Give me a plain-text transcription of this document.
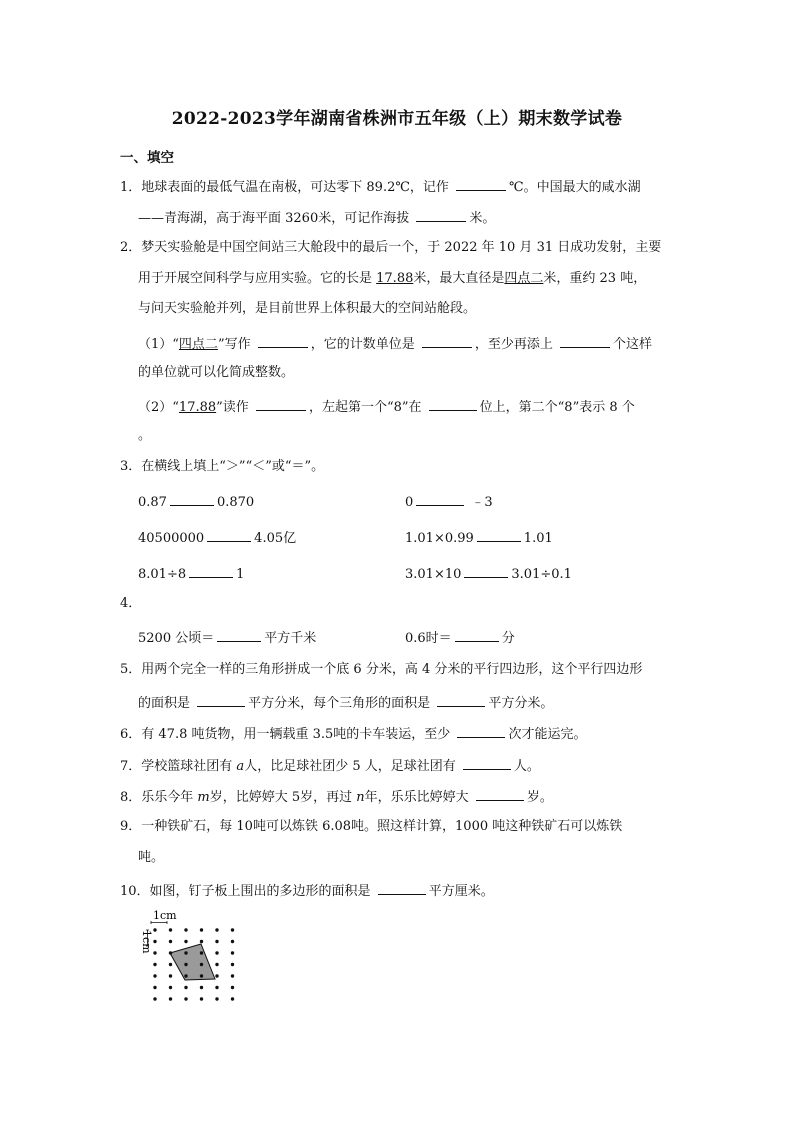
2022-2023学年湖南省株洲市五年级（上）期末数学试卷
一、填空
1．地球表面的最低气温在南极，可达零下 89.2℃，记作	℃。中国最大的咸水湖
——青海湖，高于海平面 3260米，可记作海拔	米。
2．梦天实验舱是中国空间站三大舱段中的最后一个，于 2022 年 10 月 31 日成功发射，主要
用于开展空间科学与应用实验。它的长是 17.88米，最大直径是四点二米，重约 23 吨，
与问天实验舱并列，是目前世界上体积最大的空间站舱段。
（1）“四点二”写作	，它的计数单位是	，至少再添上	个这样
的单位就可以化简成整数。
（2）“17.88”读作	，左起第一个“8”在	位上，第二个“8”表示 8 个
。
3．在横线上填上“＞”“＜”或“＝”。
0.87	0.870	0	﹣3
40500000	4.05亿	1.01×0.99	1.01
8.01÷8	1	3.01×10	3.01÷0.1
4．
5200 公顷＝	平方千米	0.6时＝	分
5．用两个完全一样的三角形拼成一个底 6 分米，高 4 分米的平行四边形，这个平行四边形
的面积是	平方分米，每个三角形的面积是	平方分米。
6．有 47.8 吨货物，用一辆载重 3.5吨的卡车装运，至少	次才能运完。
7．学校篮球社团有 a人，比足球社团少 5 人，足球社团有	人。
8．乐乐今年 m岁，比婷婷大 5岁，再过 n年，乐乐比婷婷大	岁。
9．一种铁矿石，每 10吨可以炼铁 6.08吨。照这样计算，1000 吨这种铁矿石可以炼铁
吨。
10．如图，钉子板上围出的多边形的面积是	平方厘米。
1cm
1cm
